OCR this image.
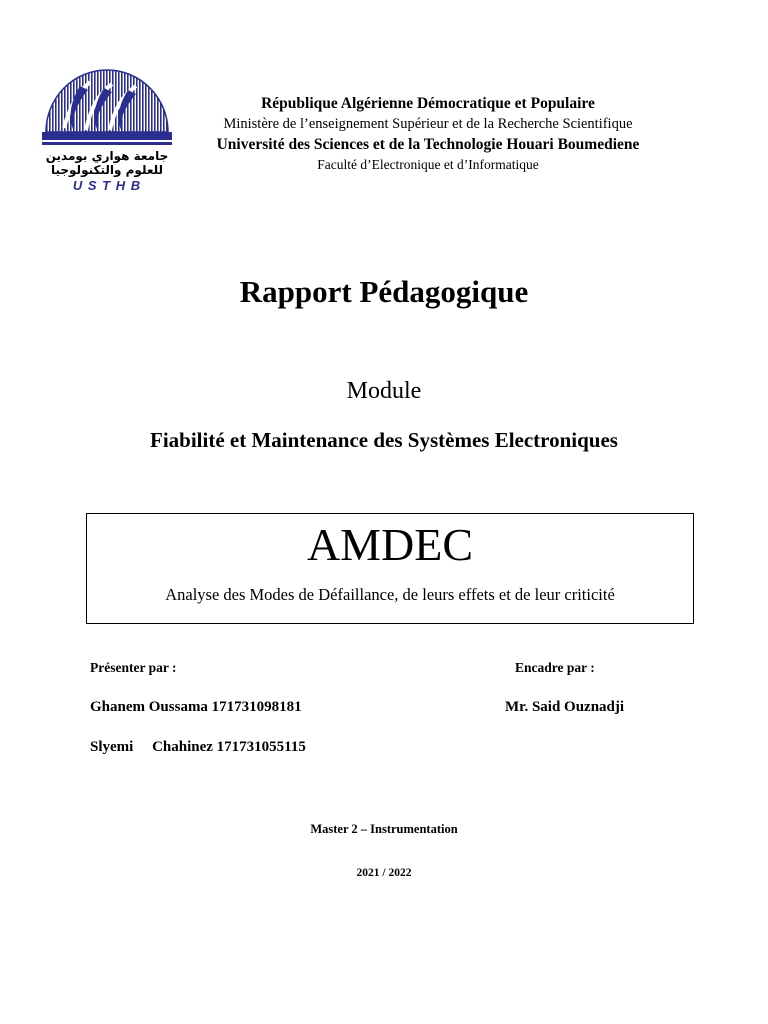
جامعة هواري بومدين
للعلوم والتكنولوجيا
U S T H B
République Algérienne Démocratique et Populaire
Ministère de l’enseignement Supérieur et de la Recherche Scientifique
Université des Sciences et de la Technologie Houari Boumediene
Faculté d’Electronique et d’Informatique
Rapport Pédagogique
Module
Fiabilité et Maintenance des Systèmes Electroniques
AMDEC
Analyse des Modes de Défaillance, de leurs effets et de leur criticité
Présenter par :	Encadre par :
Ghanem Oussama 171731098181	Mr. Said Ouznadji
Slyemi     Chahinez 171731055115
Master 2 – Instrumentation
2021 / 2022
